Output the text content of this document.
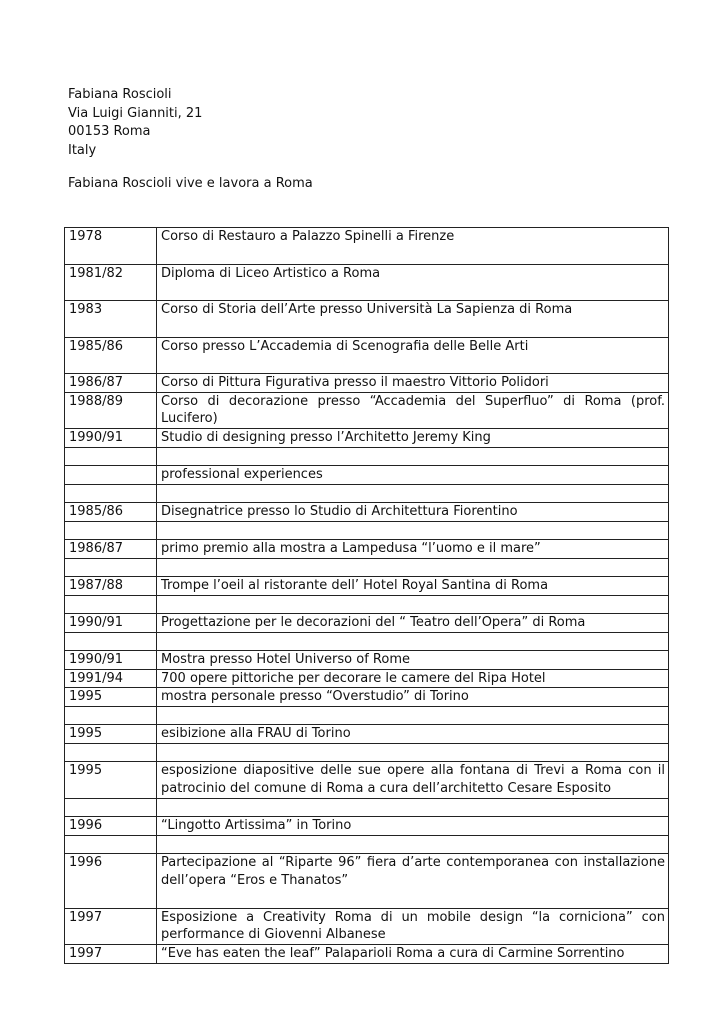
Fabiana Roscioli
Via Luigi Gianniti, 21
00153 Roma
Italy
Fabiana Roscioli vive e lavora a Roma
1978	Corso di Restauro a Palazzo Spinelli a Firenze
1981/82	Diploma di Liceo Artistico a Roma
1983	Corso di Storia dell’Arte presso Università La Sapienza di Roma
1985/86	Corso presso L’Accademia di Scenografia delle Belle Arti
1986/87	Corso di Pittura Figurativa presso il maestro Vittorio Polidori
1988/89	Corso di decorazione presso “Accademia del Superfluo” di Roma (prof. Lucifero)
1990/91	Studio di designing presso l’Architetto Jeremy King

	professional experiences

1985/86	Disegnatrice presso lo Studio di Architettura Fiorentino

1986/87	primo premio alla mostra a Lampedusa “l’uomo e il mare”

1987/88	Trompe l’oeil al ristorante dell’ Hotel Royal Santina di Roma

1990/91	Progettazione per le decorazioni del “ Teatro dell’Opera” di Roma

1990/91	Mostra presso Hotel Universo of Rome
1991/94	700 opere pittoriche per decorare le camere del Ripa Hotel
1995	mostra personale presso “Overstudio” di Torino

1995	esibizione alla FRAU di Torino

1995	esposizione diapositive delle sue opere alla fontana di Trevi a Roma con il patrocinio del comune di Roma a cura dell’architetto Cesare Esposito

1996	“Lingotto Artissima” in Torino

1996	Partecipazione al “Riparte 96” fiera d’arte contemporanea con installazione dell’opera “Eros e Thanatos”
1997	Esposizione a Creativity Roma di un mobile design “la corniciona” con performance di Giovenni Albanese
1997	“Eve has eaten the leaf” Palaparioli Roma a cura di Carmine Sorrentino
